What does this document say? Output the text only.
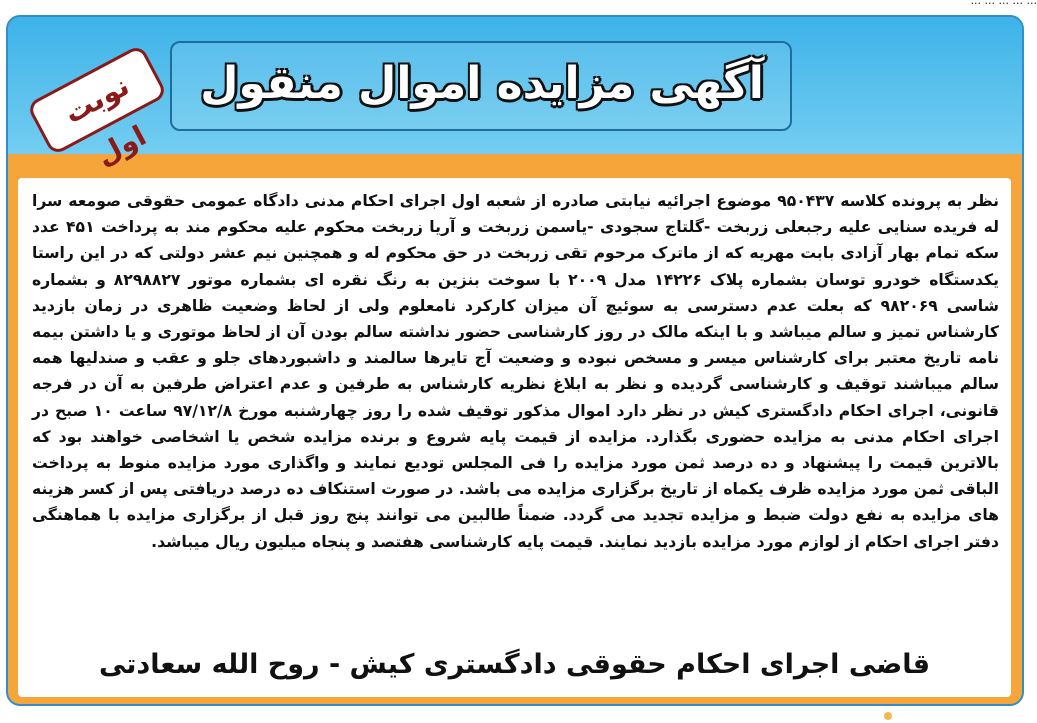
... ... ... ... ...
آگهی مزایده اموال منقول
نوبت اول
نظر به پرونده کلاسه ۹۵۰۴۳۷ موضوع اجرائیه نیابتی صادره از شعبه اول اجرای احکام مدنی دادگاه عمومی حقوقی صومعه سرا له فریده سنایی علیه رجبعلی زربخت -گلتاج سجودی -یاسمن زربخت و آریا زربخت محکوم علیه محکوم مند به پرداخت ۴۵۱ عدد سکه تمام بهار آزادی بابت مهریه که از ماترک مرحوم تقی زربخت در حق محکوم له و همچنین نیم عشر دولتی که در این راستا یکدستگاه خودرو توسان بشماره پلاک ۱۴۲۲۶ مدل ۲۰۰۹ با سوخت بنزین به رنگ نقره ای بشماره موتور ۸۲۹۸۸۲۷ و بشماره شاسی ۹۸۲۰۶۹ که بعلت عدم دسترسی به سوئیچ آن میزان کارکرد نامعلوم ولی از لحاظ وضعیت ظاهری در زمان بازدید کارشناس تمیز و سالم میباشد و با اینکه مالک در روز کارشناسی حضور نداشته سالم بودن آن از لحاظ موتوری و یا داشتن بیمه نامه تاریخ معتبر برای کارشناس میسر و مسخص نبوده و وضعیت آج تایرها سالمند و داشبوردهای جلو و عقب و صندلیها همه سالم میباشند توقیف و کارشناسی گردیده و نظر به ابلاغ نظریه کارشناس به طرفین و عدم اعتراض طرفین به آن در فرجه قانونی، اجرای احکام دادگستری کیش در نظر دارد اموال مذکور توقیف شده را روز چهارشنبه مورخ ۹۷/۱۲/۸ ساعت ۱۰ صبح در اجرای احکام مدنی به مزایده حضوری بگذارد. مزایده از قیمت پایه شروع و برنده مزایده شخص یا اشخاصی خواهند بود که بالاترین قیمت را پیشنهاد و ده درصد ثمن مورد مزایده را فی المجلس تودیع نمایند و واگذاری مورد مزایده منوط به پرداخت الباقی ثمن مورد مزایده ظرف یکماه از تاریخ برگزاری مزایده می باشد. در صورت استنکاف ده درصد دریافتی پس از کسر هزینه های مزایده به نفع دولت ضبط و مزایده تجدید می گردد. ضمناً طالبین می توانند پنج روز قبل از برگزاری مزایده با هماهنگی دفتر اجرای احکام از لوازم مورد مزایده بازدید نمایند. قیمت پایه کارشناسی هفتصد و پنجاه میلیون ریال میباشد.
قاضی اجرای احکام حقوقی دادگستری کیش - روح الله سعادتی
